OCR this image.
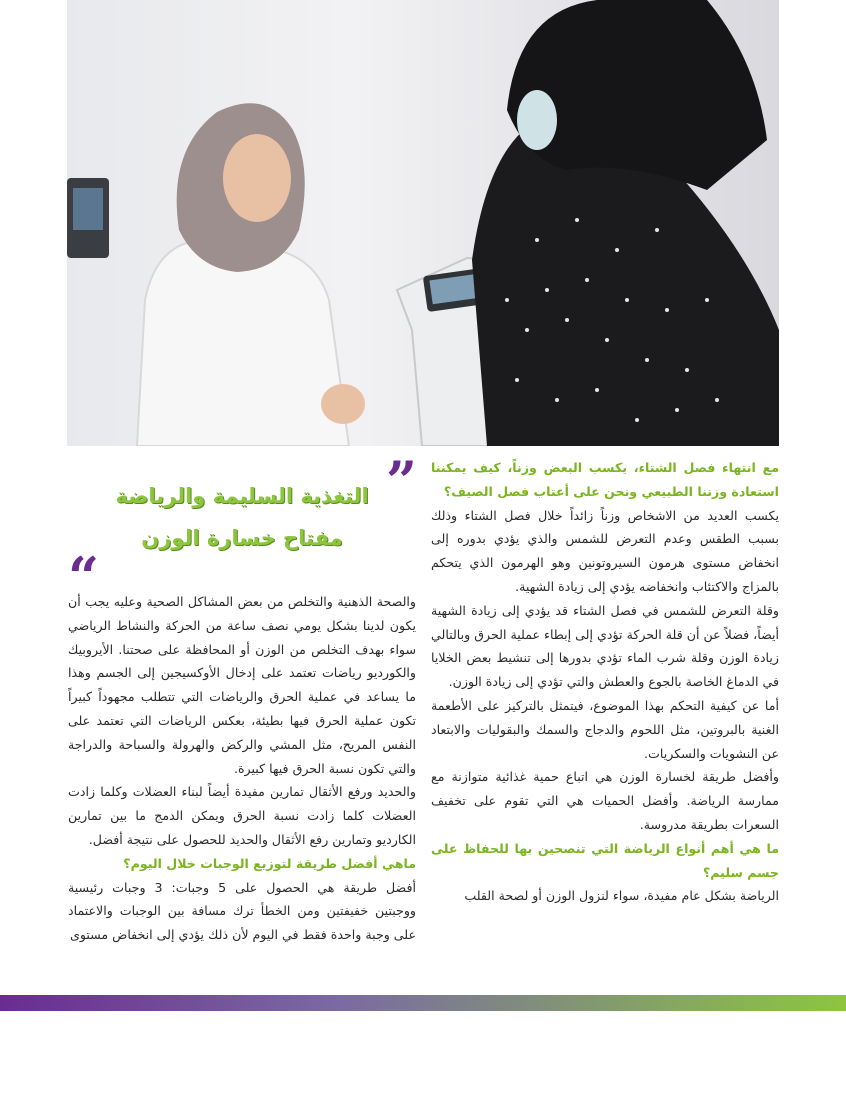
مع انتهاء فصل الشتاء، يكسب البعض وزناً، كيف يمكننا استعادة وزننا الطبيعي ونحن على أعتاب فصل الصيف؟

يكسب العديد من الاشخاص وزناً زائداً خلال فصل الشتاء وذلك بسبب الطقس وعدم التعرض للشمس والذي يؤدي بدوره إلى انخفاض مستوى هرمون السيروتونين وهو الهرمون الذي يتحكم بالمزاج والاكتئاب وانخفاضه يؤدي إلى زيادة الشهية.

وقلة التعرض للشمس في فصل الشتاء قد يؤدي إلى زيادة الشهية أيضاً، فضلاً عن أن قلة الحركة تؤدي إلى إبطاء عملية الحرق وبالتالي زيادة الوزن وقلة شرب الماء تؤدي بدورها إلى تنشيط بعض الخلايا في الدماغ الخاصة بالجوع والعطش والتي تؤدي إلى زيادة الوزن.

أما عن كيفية التحكم بهذا الموضوع، فيتمثل بالتركيز على الأطعمة الغنية بالبروتين، مثل اللحوم والدجاج والسمك والبقوليات والابتعاد عن النشويات والسكريات.

وأفضل طريقة لخسارة الوزن هي اتباع حمية غذائية متوازنة مع ممارسة الرياضة. وأفضل الحميات هي التي تقوم على تخفيف السعرات بطريقة مدروسة.

ما هي أهم أنواع الرياضة التي تنصحين بها للحفاظ على جسم سليم؟

الرياضة بشكل عام مفيدة، سواء لنزول الوزن أو لصحة القلب

”
التغذية السليمة والرياضة
مفتاح خسارة الوزن
“

والصحة الذهنية والتخلص من بعض المشاكل الصحية وعليه يجب أن يكون لدينا بشكل يومي نصف ساعة من الحركة والنشاط الرياضي سواء بهدف التخلص من الوزن أو المحافظة على صحتنا. الأيروبيك والكورديو رياضات تعتمد على إدخال الأوكسيجين إلى الجسم وهذا ما يساعد في عملية الحرق والرياضات التي تتطلب مجهوداً كبيراً تكون عملية الحرق فيها بطيئة، بعكس الرياضات التي تعتمد على النفس المريح، مثل المشي والركض والهرولة والسباحة والدراجة والتي تكون نسبة الحرق فيها كبيرة.

والحديد ورفع الأثقال تمارين مفيدة أيضاً لبناء العضلات وكلما زادت العضلات كلما زادت نسبة الحرق ويمكن الدمج ما بين تمارين الكارديو وتمارين رفع الأثقال والحديد للحصول على نتيجة أفضل.

ماهي أفضل طريقة لتوزيع الوجبات خلال اليوم؟

أفضل طريقة هي الحصول على 5 وجبات: 3 وجبات رئيسية ووجبتين خفيفتين ومن الخطأ ترك مسافة بين الوجبات والاعتماد على وجبة واحدة فقط في اليوم لأن ذلك يؤدي إلى انخفاض مستوى
